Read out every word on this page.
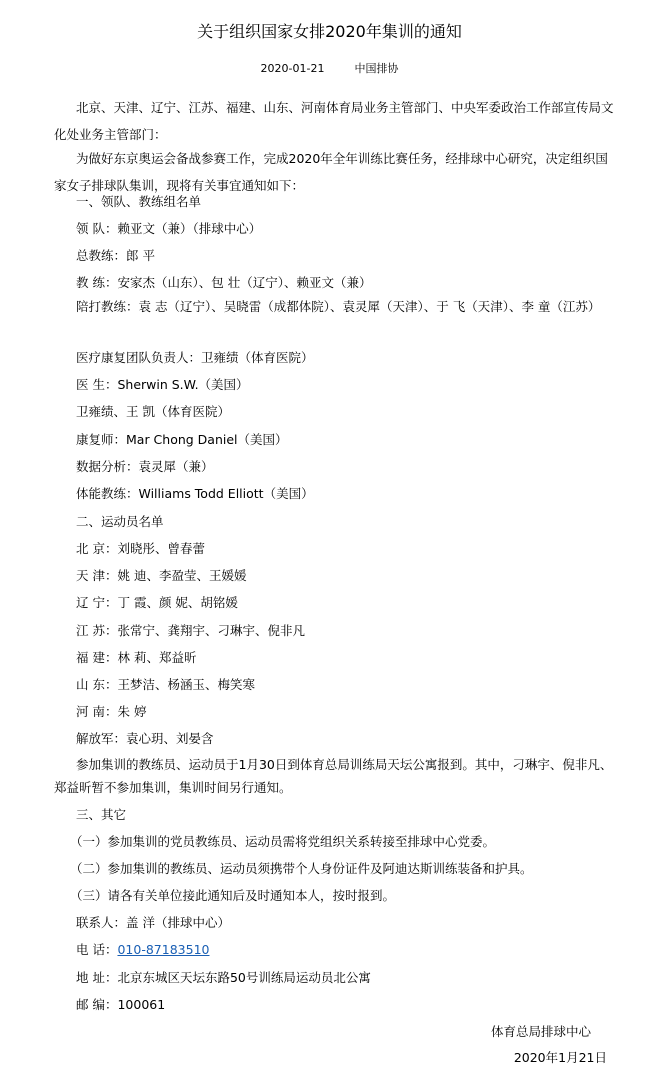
关于组织国家女排2020年集训的通知
2020-01-21	中国排协
北京、天津、辽宁、江苏、福建、山东、河南体育局业务主管部门、中央军委政治工作部宣传局文化处业务主管部门：
为做好东京奥运会备战参赛工作，完成2020年全年训练比赛任务，经排球中心研究，决定组织国家女子排球队集训，现将有关事宜通知如下：
一、领队、教练组名单
领 队：赖亚文（兼）（排球中心）
总教练：郎 平
教 练：安家杰（山东）、包 壮（辽宁）、赖亚文（兼）
陪打教练：袁 志（辽宁）、吴晓雷（成都体院）、袁灵犀（天津）、于 飞（天津）、李 童（江苏）
医疗康复团队负责人：卫雍绩（体育医院）
医 生：Sherwin S.W.（美国）
卫雍绩、王 凯（体育医院）
康复师：Mar Chong Daniel（美国）
数据分析：袁灵犀（兼）
体能教练：Williams Todd Elliott（美国）
二、运动员名单
北 京：刘晓彤、曾春蕾
天 津：姚 迪、李盈莹、王媛媛
辽 宁：丁 霞、颜 妮、胡铭媛
江 苏：张常宁、龚翔宇、刁琳宇、倪非凡
福 建：林 莉、郑益昕
山 东：王梦洁、杨涵玉、梅笑寒
河 南：朱 婷
解放军：袁心玥、刘晏含
参加集训的教练员、运动员于1月30日到体育总局训练局天坛公寓报到。其中，刁琳宇、倪非凡、郑益昕暂不参加集训，集训时间另行通知。
三、其它
（一）参加集训的党员教练员、运动员需将党组织关系转接至排球中心党委。
（二）参加集训的教练员、运动员须携带个人身份证件及阿迪达斯训练装备和护具。
（三）请各有关单位接此通知后及时通知本人，按时报到。
联系人：盖 洋（排球中心）
电 话：010-87183510
地 址：北京东城区天坛东路50号训练局运动员北公寓
邮 编：100061
体育总局排球中心
2020年1月21日
